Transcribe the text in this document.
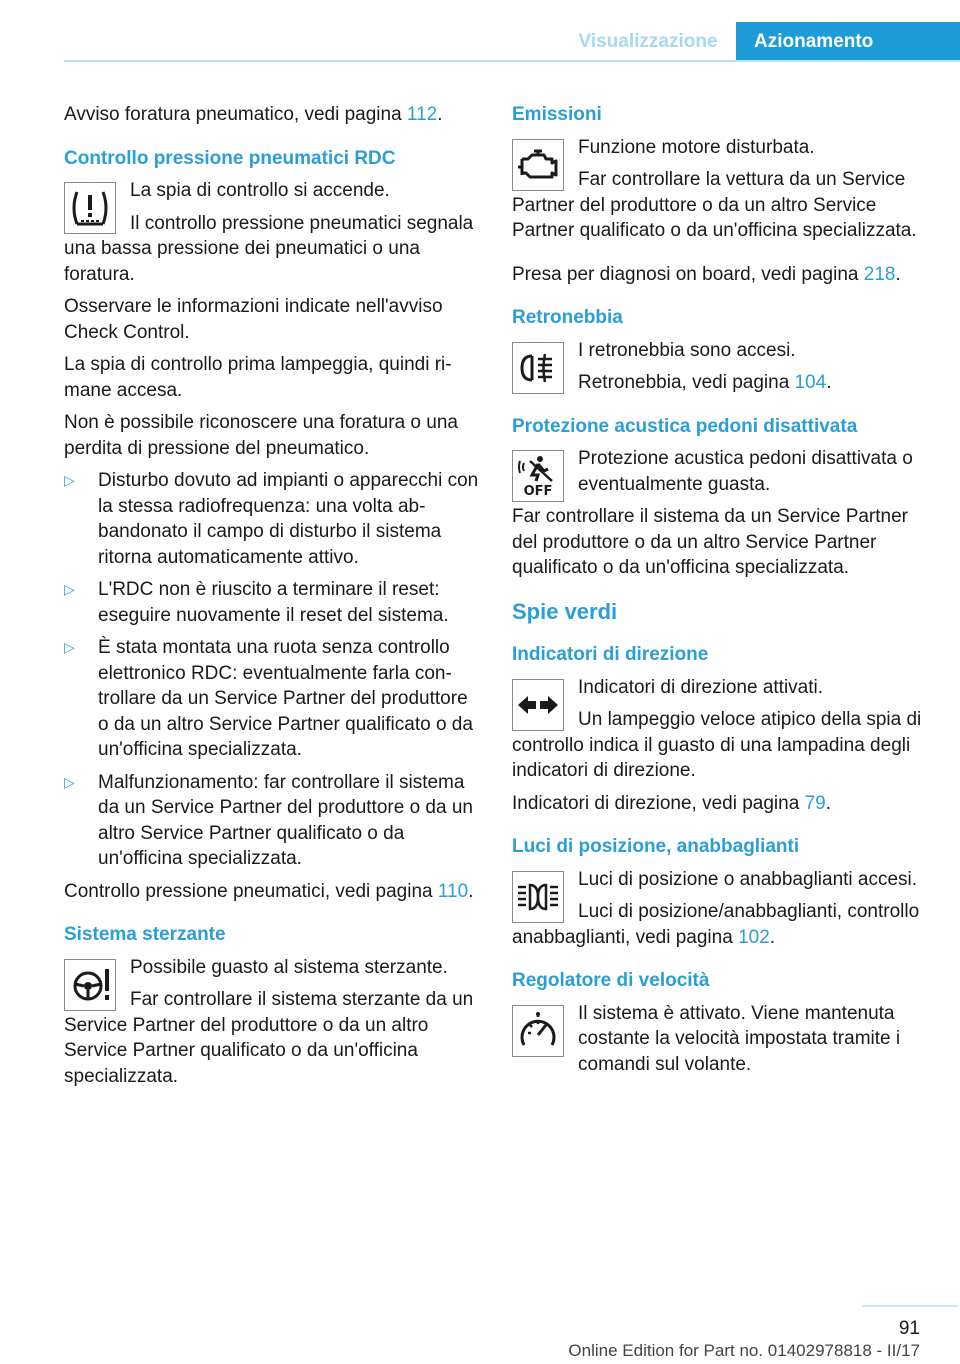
Visualizzazione	Azionamento

Avviso foratura pneumatico, vedi pagina 112.

Controllo pressione pneumatici RDC

La spia di controllo si accende.

Il controllo pressione pneumatici segnala una bassa pressione dei pneumatici o una foratura.

Osservare le informazioni indicate nell'avviso Check Control.

La spia di controllo prima lampeggia, quindi rimane accesa.

Non è possibile riconoscere una foratura o una perdita di pressione del pneumatico.

▷ Disturbo dovuto ad impianti o apparecchi con la stessa radiofrequenza: una volta abbandonato il campo di disturbo il sistema ritorna automaticamente attivo.
▷ L'RDC non è riuscito a terminare il reset: eseguire nuovamente il reset del sistema.
▷ È stata montata una ruota senza controllo elettronico RDC: eventualmente farla controllare da un Service Partner del produttore o da un altro Service Partner qualificato o da un'officina specializzata.
▷ Malfunzionamento: far controllare il sistema da un Service Partner del produttore o da un altro Service Partner qualificato o da un'officina specializzata.

Controllo pressione pneumatici, vedi pagina 110.

Sistema sterzante

Possibile guasto al sistema sterzante.

Far controllare il sistema sterzante da un Service Partner del produttore o da un altro Service Partner qualificato o da un'officina specializzata.

Emissioni

Funzione motore disturbata.

Far controllare la vettura da un Service Partner del produttore o da un altro Service Partner qualificato o da un'officina specializzata.

Presa per diagnosi on board, vedi pagina 218.

Retronebbia

I retronebbia sono accesi.

Retronebbia, vedi pagina 104.

Protezione acustica pedoni disattivata
OFF

Protezione acustica pedoni disattivata o eventualmente guasta.

Far controllare il sistema da un Service Partner del produttore o da un altro Service Partner qualificato o da un'officina specializzata.

Spie verdi
Indicatori di direzione

Indicatori di direzione attivati.

Un lampeggio veloce atipico della spia di controllo indica il guasto di una lampadina degli indicatori di direzione.

Indicatori di direzione, vedi pagina 79.

Luci di posizione, anabbaglianti

Luci di posizione o anabbaglianti accesi.

Luci di posizione/anabbaglianti, controllo anabbaglianti, vedi pagina 102.

Regolatore di velocità

Il sistema è attivato. Viene mantenuta costante la velocità impostata tramite i comandi sul volante.

91
Online Edition for Part no. 01402978818 - II/17
